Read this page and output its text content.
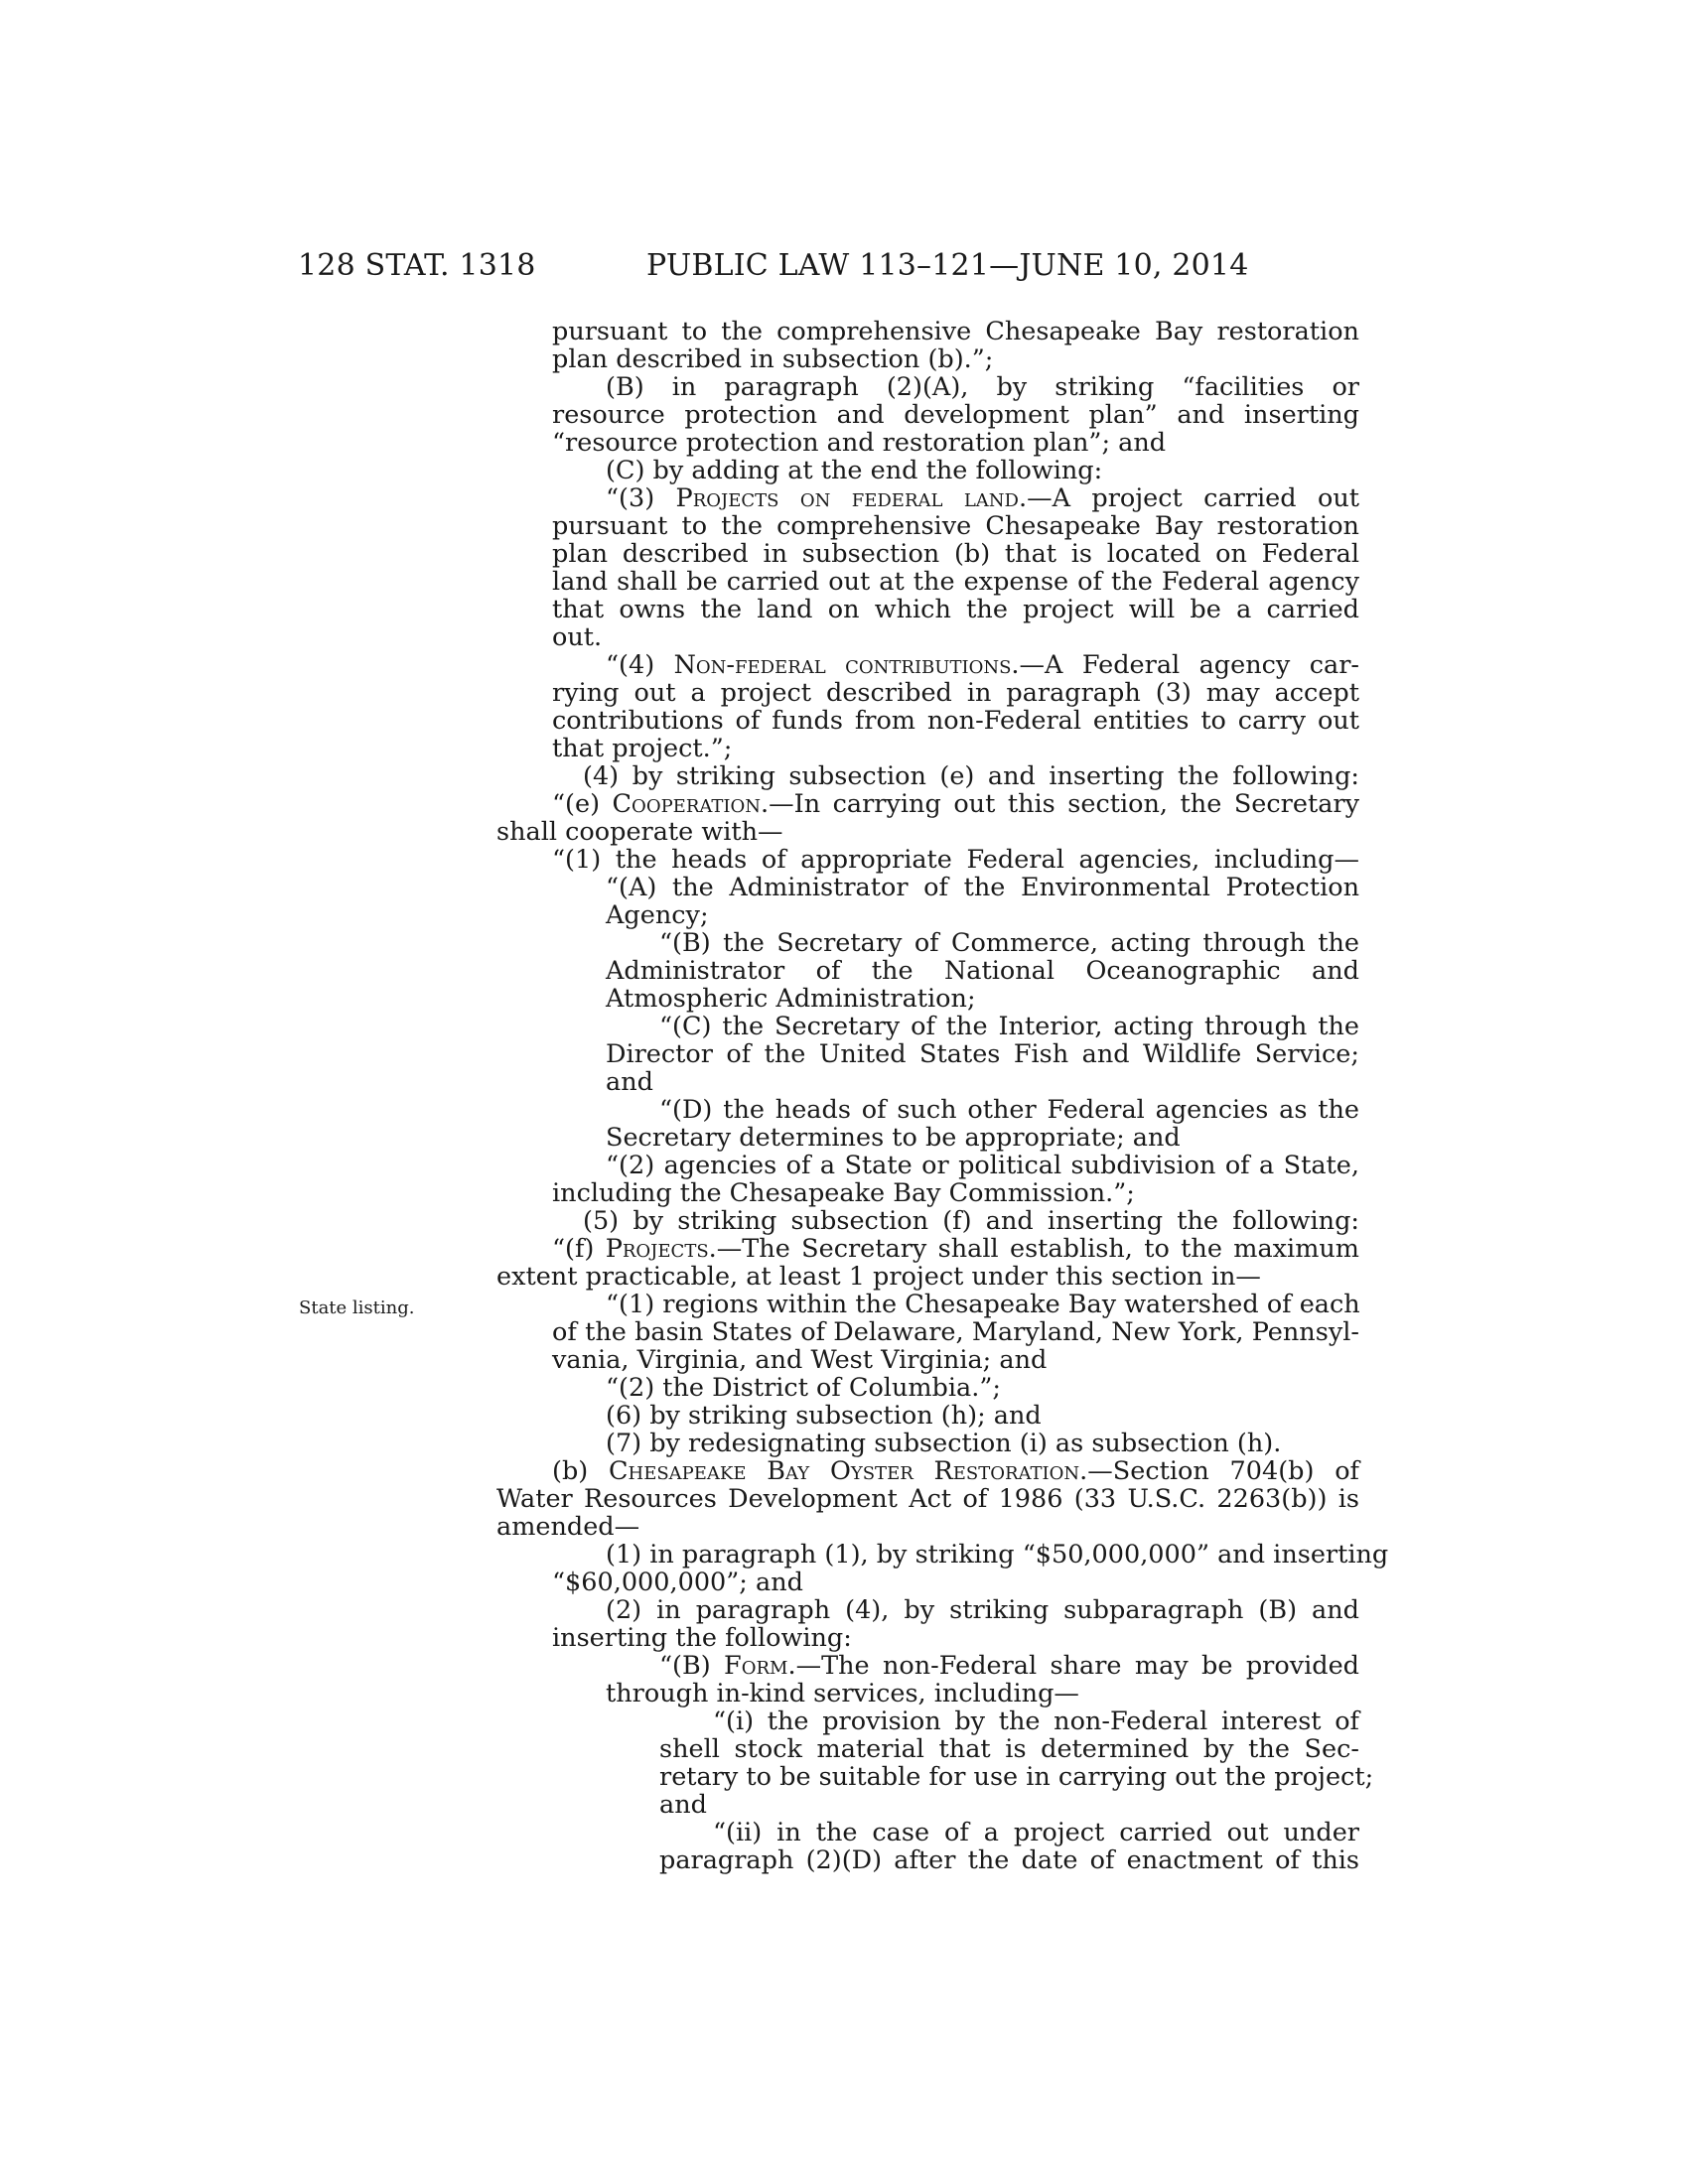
128 STAT. 1318	PUBLIC LAW 113–121—JUNE 10, 2014
State listing.
pursuant to the comprehensive Chesapeake Bay restoration
plan described in subsection (b).”;
(B) in paragraph (2)(A), by striking “facilities or
resource protection and development plan” and inserting
“resource protection and restoration plan”; and
(C) by adding at the end the following:
“(3) Projects on federal land.—A project carried out
pursuant to the comprehensive Chesapeake Bay restoration
plan described in subsection (b) that is located on Federal
land shall be carried out at the expense of the Federal agency
that owns the land on which the project will be a carried
out.
“(4) Non-federal contributions.—A Federal agency car-
rying out a project described in paragraph (3) may accept
contributions of funds from non-Federal entities to carry out
that project.”;
(4) by striking subsection (e) and inserting the following:
“(e) Cooperation.—In carrying out this section, the Secretary
shall cooperate with—
“(1) the heads of appropriate Federal agencies, including—
“(A) the Administrator of the Environmental Protection
Agency;
“(B) the Secretary of Commerce, acting through the
Administrator of the National Oceanographic and
Atmospheric Administration;
“(C) the Secretary of the Interior, acting through the
Director of the United States Fish and Wildlife Service;
and
“(D) the heads of such other Federal agencies as the
Secretary determines to be appropriate; and
“(2) agencies of a State or political subdivision of a State,
including the Chesapeake Bay Commission.”;
(5) by striking subsection (f) and inserting the following:
“(f) Projects.—The Secretary shall establish, to the maximum
extent practicable, at least 1 project under this section in—
“(1) regions within the Chesapeake Bay watershed of each
of the basin States of Delaware, Maryland, New York, Pennsyl-
vania, Virginia, and West Virginia; and
“(2) the District of Columbia.”;
(6) by striking subsection (h); and
(7) by redesignating subsection (i) as subsection (h).
(b) Chesapeake Bay Oyster Restoration.—Section 704(b) of
Water Resources Development Act of 1986 (33 U.S.C. 2263(b)) is
amended—
(1) in paragraph (1), by striking “$50,000,000” and inserting
“$60,000,000”; and
(2) in paragraph (4), by striking subparagraph (B) and
inserting the following:
“(B) Form.—The non-Federal share may be provided
through in-kind services, including—
“(i) the provision by the non-Federal interest of
shell stock material that is determined by the Sec-
retary to be suitable for use in carrying out the project;
and
“(ii) in the case of a project carried out under
paragraph (2)(D) after the date of enactment of this
